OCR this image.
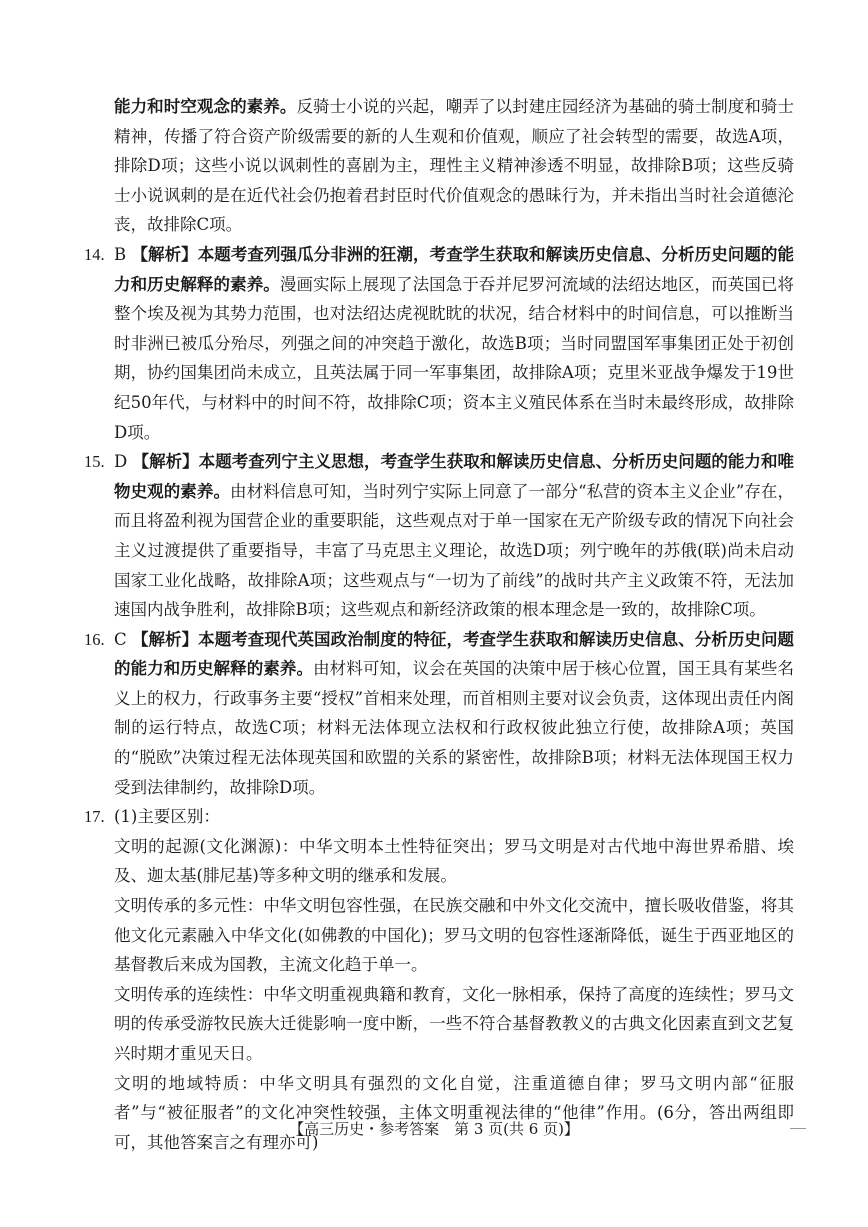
能力和时空观念的素养。反骑士小说的兴起，嘲弄了以封建庄园经济为基础的骑士制度和骑士精神，传播了符合资产阶级需要的新的人生观和价值观，顺应了社会转型的需要，故选A项，排除D项；这些小说以讽刺性的喜剧为主，理性主义精神渗透不明显，故排除B项；这些反骑士小说讽刺的是在近代社会仍抱着君封臣时代价值观念的愚昧行为，并未指出当时社会道德沦丧，故排除C项。

14. B 【解析】本题考查列强瓜分非洲的狂潮，考查学生获取和解读历史信息、分析历史问题的能力和历史解释的素养。漫画实际上展现了法国急于吞并尼罗河流域的法绍达地区，而英国已将整个埃及视为其势力范围，也对法绍达虎视眈眈的状况，结合材料中的时间信息，可以推断当时非洲已被瓜分殆尽，列强之间的冲突趋于激化，故选B项；当时同盟国军事集团正处于初创期，协约国集团尚未成立，且英法属于同一军事集团，故排除A项；克里米亚战争爆发于19世纪50年代，与材料中的时间不符，故排除C项；资本主义殖民体系在当时未最终形成，故排除D项。
15. D 【解析】本题考查列宁主义思想，考查学生获取和解读历史信息、分析历史问题的能力和唯物史观的素养。由材料信息可知，当时列宁实际上同意了一部分“私营的资本主义企业”存在，而且将盈利视为国营企业的重要职能，这些观点对于单一国家在无产阶级专政的情况下向社会主义过渡提供了重要指导，丰富了马克思主义理论，故选D项；列宁晚年的苏俄(联)尚未启动国家工业化战略，故排除A项；这些观点与“一切为了前线”的战时共产主义政策不符，无法加速国内战争胜利，故排除B项；这些观点和新经济政策的根本理念是一致的，故排除C项。
16. C 【解析】本题考查现代英国政治制度的特征，考查学生获取和解读历史信息、分析历史问题的能力和历史解释的素养。由材料可知，议会在英国的决策中居于核心位置，国王具有某些名义上的权力，行政事务主要“授权”首相来处理，而首相则主要对议会负责，这体现出责任内阁制的运行特点，故选C项；材料无法体现立法权和行政权彼此独立行使，故排除A项；英国的“脱欧”决策过程无法体现英国和欧盟的关系的紧密性，故排除B项；材料无法体现国王权力受到法律制约，故排除D项。
17. (1)主要区别：
文明的起源(文化渊源)：中华文明本土性特征突出；罗马文明是对古代地中海世界希腊、埃及、迦太基(腓尼基)等多种文明的继承和发展。
文明传承的多元性：中华文明包容性强，在民族交融和中外文化交流中，擅长吸收借鉴，将其他文化元素融入中华文化(如佛教的中国化)；罗马文明的包容性逐渐降低，诞生于西亚地区的基督教后来成为国教，主流文化趋于单一。
文明传承的连续性：中华文明重视典籍和教育，文化一脉相承，保持了高度的连续性；罗马文明的传承受游牧民族大迁徙影响一度中断，一些不符合基督教教义的古典文化因素直到文艺复兴时期才重见天日。
文明的地域特质：中华文明具有强烈的文化自觉，注重道德自律；罗马文明内部“征服者”与“被征服者”的文化冲突性较强，主体文明重视法律的“他律”作用。(6分，答出两组即可，其他答案言之有理亦可)
【高三历史・参考答案　第 3 页(共 6 页)】
